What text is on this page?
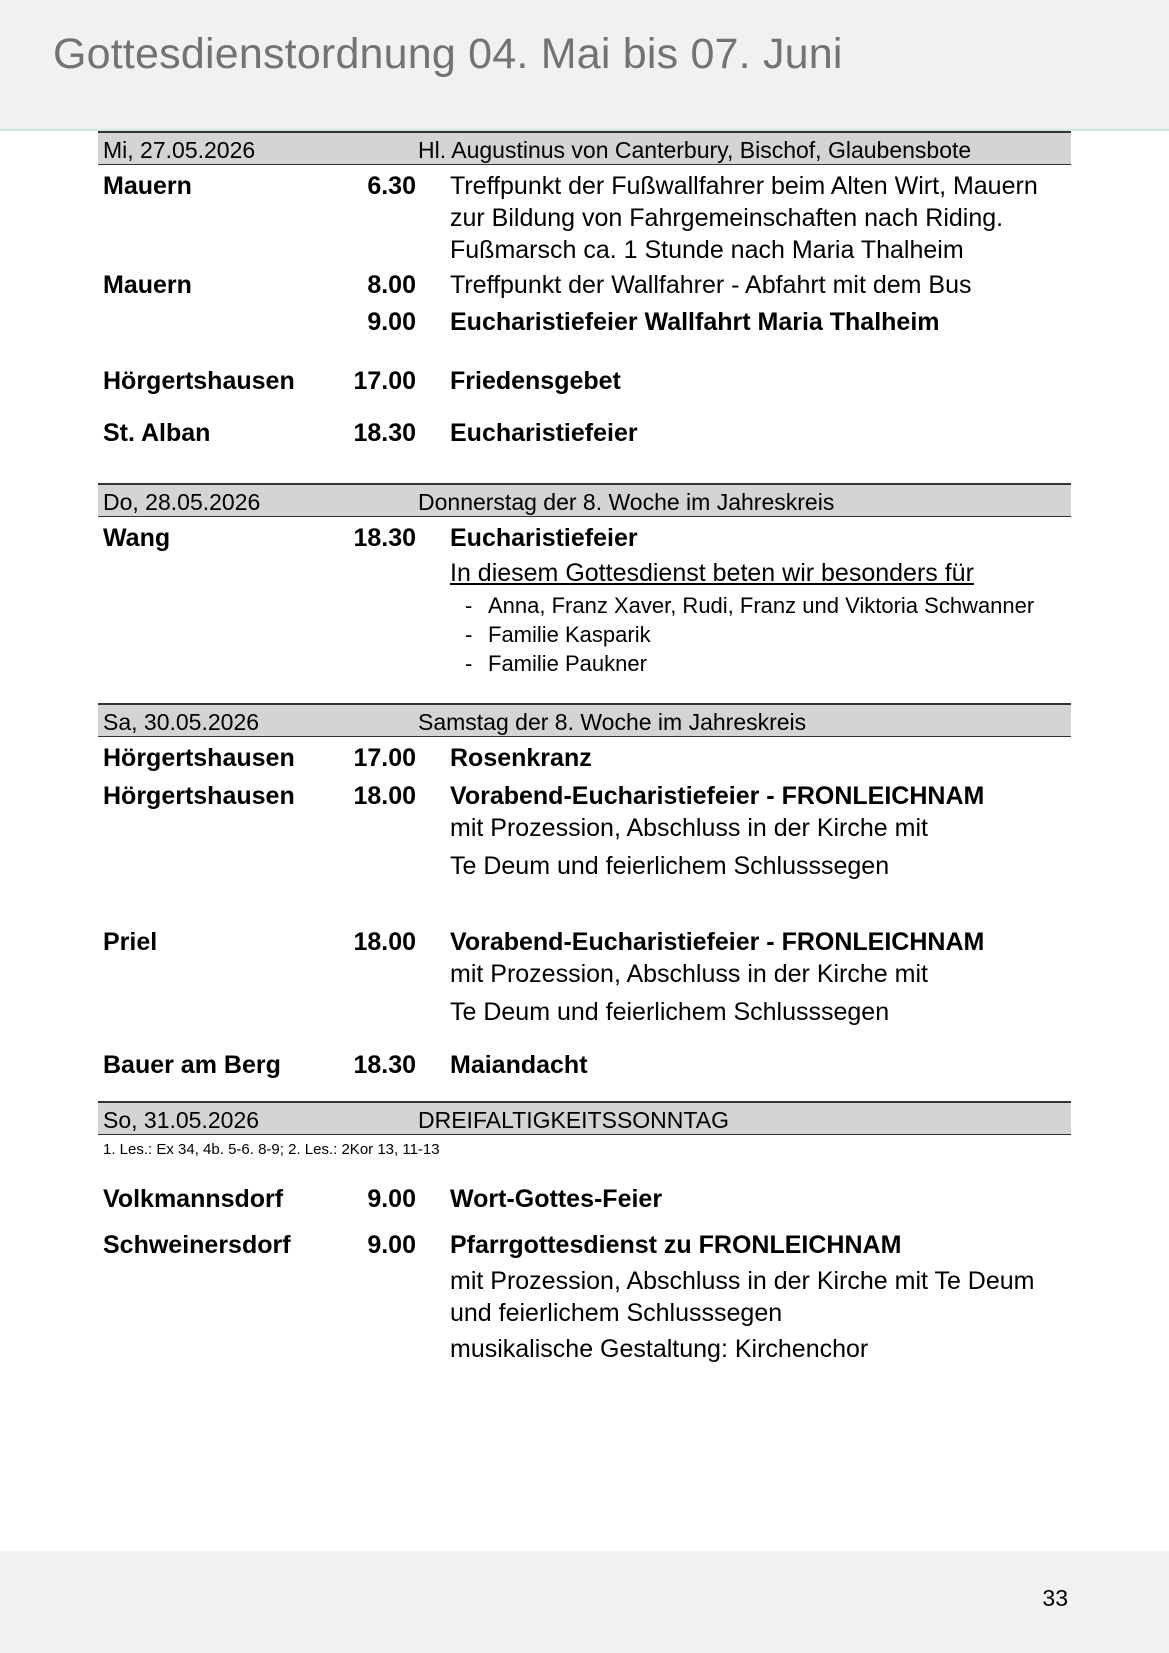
Gottesdienstordnung 04. Mai bis 07. Juni
Mi, 27.05.2026	Hl. Augustinus von Canterbury, Bischof, Glaubensbote
Mauern	6.30 Treffpunkt der Fußwallfahrer beim Alten Wirt, Mauern zur Bildung von Fahrgemeinschaften nach Riding. Fußmarsch ca. 1 Stunde nach Maria Thalheim
Mauern	8.00 Treffpunkt der Wallfahrer - Abfahrt mit dem Bus
9.00 Eucharistiefeier Wallfahrt Maria Thalheim
Hörgertshausen	17.00 Friedensgebet
St. Alban	18.30 Eucharistiefeier
Do, 28.05.2026	Donnerstag der 8. Woche im Jahreskreis
Wang	18.30 Eucharistiefeier
In diesem Gottesdienst beten wir besonders für
- Anna, Franz Xaver, Rudi, Franz und Viktoria Schwanner
- Familie Kasparik
- Familie Paukner
Sa, 30.05.2026	Samstag der 8. Woche im Jahreskreis
Hörgertshausen	17.00 Rosenkranz
Hörgertshausen	18.00 Vorabend-Eucharistiefeier - FRONLEICHNAM
mit Prozession, Abschluss in der Kirche mit
Te Deum und feierlichem Schlusssegen
Priel	18.00 Vorabend-Eucharistiefeier - FRONLEICHNAM
mit Prozession, Abschluss in der Kirche mit
Te Deum und feierlichem Schlusssegen
Bauer am Berg	18.30 Maiandacht
So, 31.05.2026	DREIFALTIGKEITSSONNTAG
1. Les.: Ex 34, 4b. 5-6. 8-9; 2. Les.: 2Kor 13, 11-13
Volkmannsdorf	9.00 Wort-Gottes-Feier
Schweinersdorf	9.00 Pfarrgottesdienst zu FRONLEICHNAM
mit Prozession, Abschluss in der Kirche mit Te Deum und feierlichem Schlusssegen
musikalische Gestaltung: Kirchenchor
33
